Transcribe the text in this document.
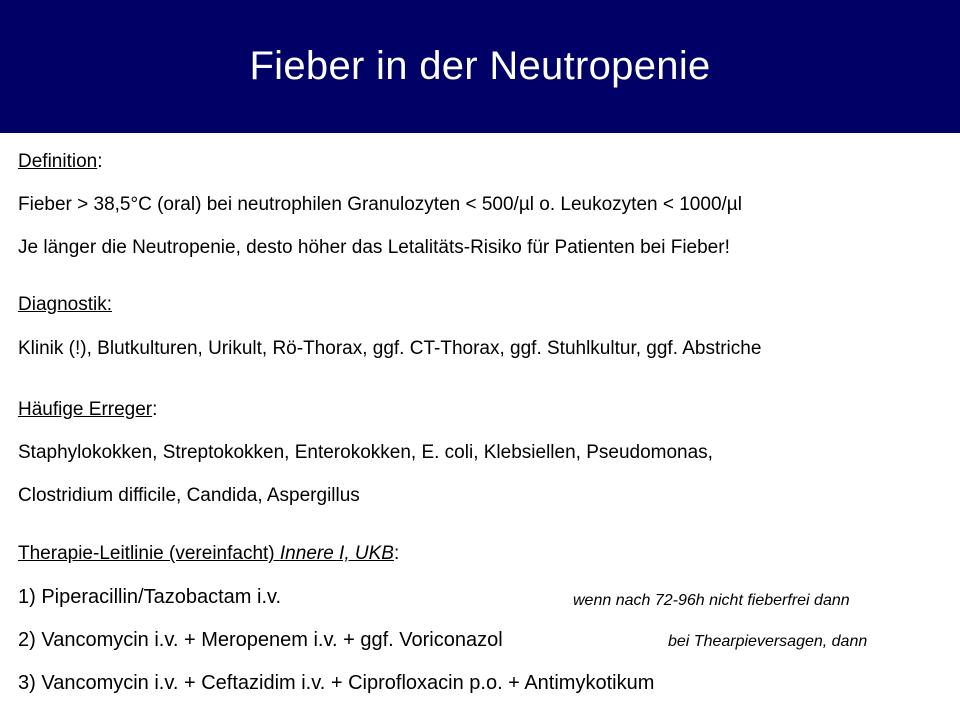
Fieber in der Neutropenie
Definition:
Fieber > 38,5°C (oral) bei neutrophilen Granulozyten < 500/µl o. Leukozyten < 1000/µl
Je länger die Neutropenie, desto höher das Letalitäts-Risiko für Patienten bei Fieber!
Diagnostik:
Klinik (!), Blutkulturen, Urikult, Rö-Thorax, ggf. CT-Thorax, ggf. Stuhlkultur, ggf. Abstriche
Häufige Erreger:
Staphylokokken, Streptokokken, Enterokokken, E. coli, Klebsiellen, Pseudomonas,
Clostridium difficile, Candida, Aspergillus
Therapie-Leitlinie (vereinfacht) Innere I, UKB:
1) Piperacillin/Tazobactam i.v.	wenn nach 72-96h nicht fieberfrei dann
2) Vancomycin i.v. + Meropenem i.v. + ggf. Voriconazol	bei Thearpieversagen, dann
3) Vancomycin i.v. + Ceftazidim i.v. + Ciprofloxacin p.o. + Antimykotikum
